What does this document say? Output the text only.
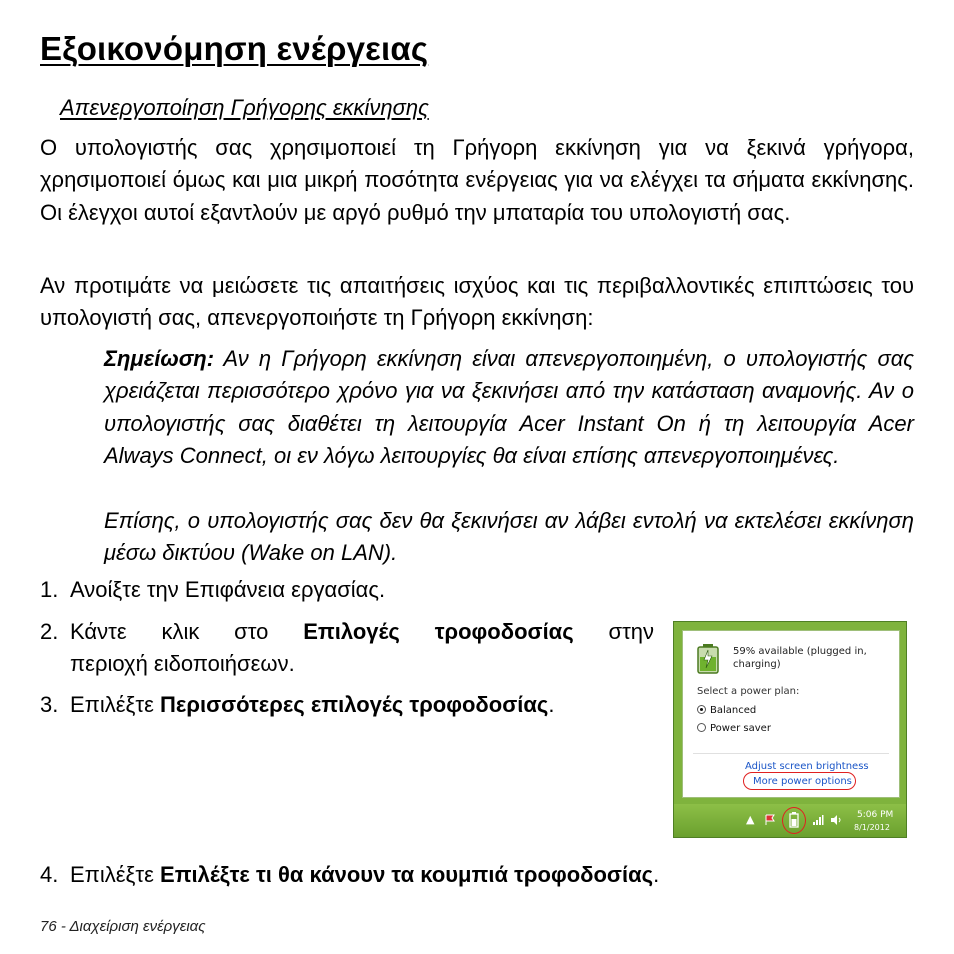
Εξοικονόμηση ενέργειας
Απενεργοποίηση Γρήγορης εκκίνησης

Ο υπολογιστής σας χρησιμοποιεί τη Γρήγορη εκκίνηση για να ξεκινά γρήγορα, χρησιμοποιεί όμως και μια μικρή ποσότητα ενέργειας για να ελέγχει τα σήματα εκκίνησης. Οι έλεγχοι αυτοί εξαντλούν με αργό ρυθμό την μπαταρία του υπολογιστή σας.

Αν προτιμάτε να μειώσετε τις απαιτήσεις ισχύος και τις περιβαλλοντικές επιπτώσεις του υπολογιστή σας, απενεργοποιήστε τη Γρήγορη εκκίνηση:

Σημείωση: Αν η Γρήγορη εκκίνηση είναι απενεργοποιημένη, ο υπολογιστής σας χρειάζεται περισσότερο χρόνο για να ξεκινήσει από την κατάσταση αναμονής. Αν ο υπολογιστής σας διαθέτει τη λειτουργία Acer Instant On ή τη λειτουργία Acer Always Connect, οι εν λόγω λειτουργίες θα είναι επίσης απενεργοποιημένες.

Επίσης, ο υπολογιστής σας δεν θα ξεκινήσει αν λάβει εντολή να εκτελέσει εκκίνηση μέσω δικτύου (Wake on LAN).

1. Ανοίξτε την Επιφάνεια εργασίας.
2. Κάντε κλικ στο Επιλογές τροφοδοσίας στην
περιοχή ειδοποιήσεων.
3. Επιλέξτε Περισσότερες επιλογές τροφοδοσίας.
4. Επιλέξτε Επιλέξτε τι θα κάνουν τα κουμπιά τροφοδοσίας.
59% available (plugged in,
charging)
Select a power plan:
Balanced
Power saver
Adjust screen brightness
More power options
▲	5:06 PM
8/1/2012
76 - Διαχείριση ενέργειας
